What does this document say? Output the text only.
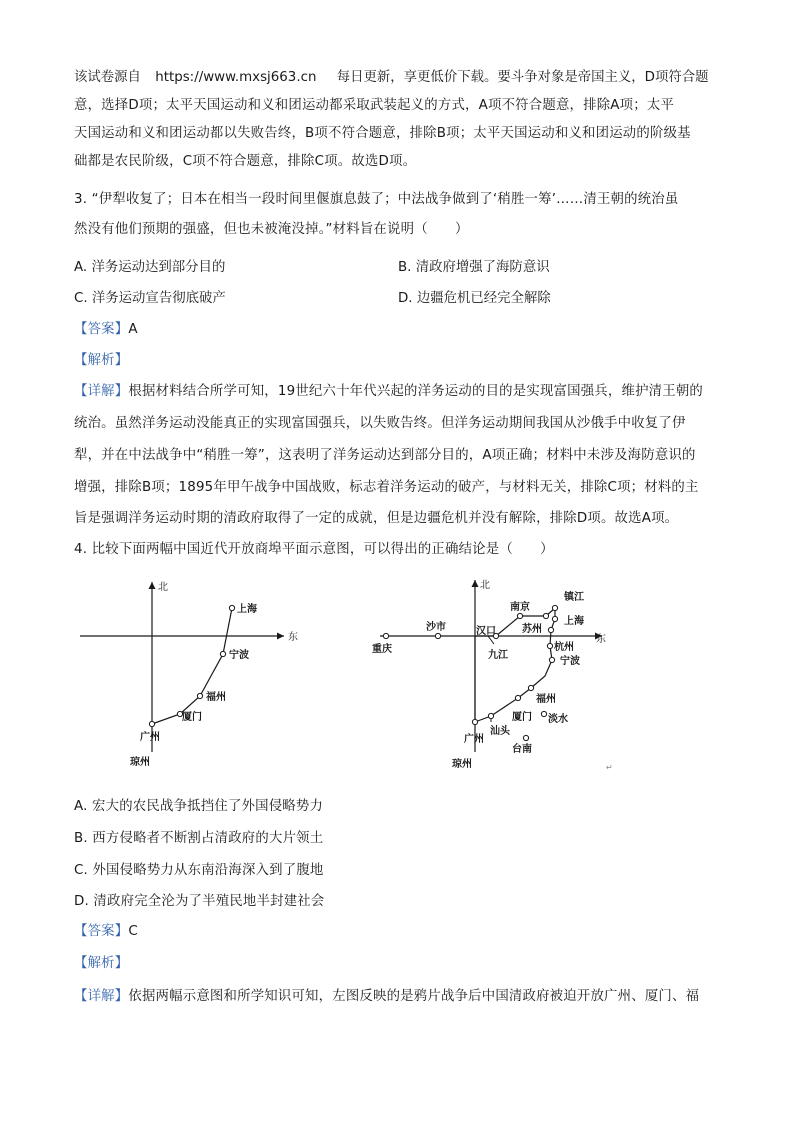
该试卷源自 https://www.mxsj663.cn 每日更新，享更低价下载。要斗争对象是帝国主义，D项符合题
意，选择D项；太平天国运动和义和团运动都采取武装起义的方式，A项不符合题意，排除A项；太平
天国运动和义和团运动都以失败告终，B项不符合题意，排除B项；太平天国运动和义和团运动的阶级基
础都是农民阶级，C项不符合题意，排除C项。故选D项。
3. “伊犁收复了；日本在相当一段时间里偃旗息鼓了；中法战争做到了‘稍胜一筹’……清王朝的统治虽
然没有他们预期的强盛，但也未被淹没掉。”材料旨在说明（　　）
A. 洋务运动达到部分目的	B. 清政府增强了海防意识
C. 洋务运动宣告彻底破产	D. 边疆危机已经完全解除
【答案】A
【解析】
【详解】根据材料结合所学可知，19世纪六十年代兴起的洋务运动的目的是实现富国强兵，维护清王朝的
统治。虽然洋务运动没能真正的实现富国强兵，以失败告终。但洋务运动期间我国从沙俄手中收复了伊
犁，并在中法战争中“稍胜一筹”，这表明了洋务运动达到部分目的，A项正确；材料中未涉及海防意识的
增强，排除B项；1895年甲午战争中国战败，标志着洋务运动的破产，与材料无关，排除C项；材料的主
旨是强调洋务运动时期的清政府取得了一定的成就，但是边疆危机并没有解除，排除D项。故选A项。
4. 比较下面两幅中国近代开放商埠平面示意图，可以得出的正确结论是（　　）
北
东
上海
宁波
福州
厦门
广州
琼州
北
东
镇江
南京
上海
沙市	汉口	苏州
杭州
重庆
九江
宁波
福州
厦门 淡水
广州
汕头
台南
琼州	↵
A. 宏大的农民战争抵挡住了外国侵略势力
B. 西方侵略者不断割占清政府的大片领土
C. 外国侵略势力从东南沿海深入到了腹地
D. 清政府完全沦为了半殖民地半封建社会
【答案】C
【解析】
【详解】依据两幅示意图和所学知识可知，左图反映的是鸦片战争后中国清政府被迫开放广州、厦门、福
